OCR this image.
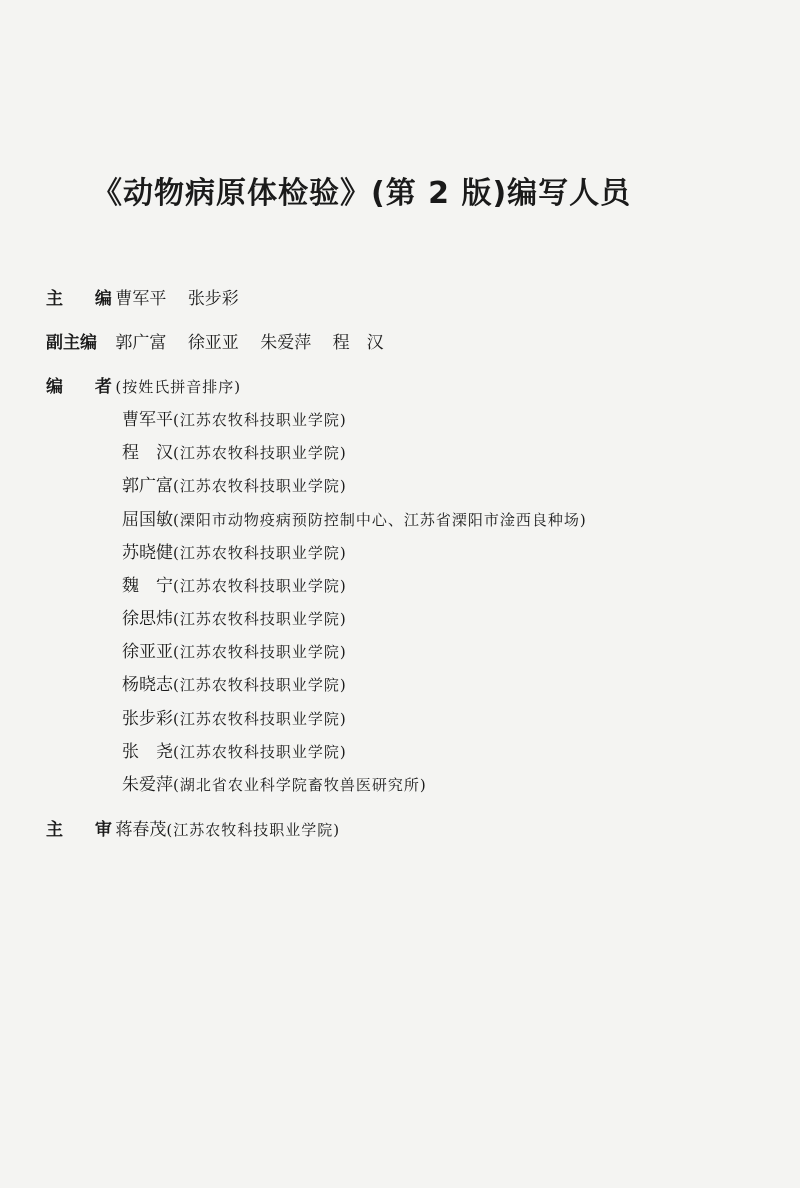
《动物病原体检验》(第 2 版)编写人员
主 编 曹军平 张步彩
副主编 郭广富 徐亚亚 朱爱萍 程　汉
编 者 (按姓氏拼音排序)
曹军平(江苏农牧科技职业学院)
程　汉(江苏农牧科技职业学院)
郭广富(江苏农牧科技职业学院)
屈国敏(溧阳市动物疫病预防控制中心、江苏省溧阳市淦西良种场)
苏晓健(江苏农牧科技职业学院)
魏　宁(江苏农牧科技职业学院)
徐思炜(江苏农牧科技职业学院)
徐亚亚(江苏农牧科技职业学院)
杨晓志(江苏农牧科技职业学院)
张步彩(江苏农牧科技职业学院)
张　尧(江苏农牧科技职业学院)
朱爱萍(湖北省农业科学院畜牧兽医研究所)
主 审 蒋春茂(江苏农牧科技职业学院)
